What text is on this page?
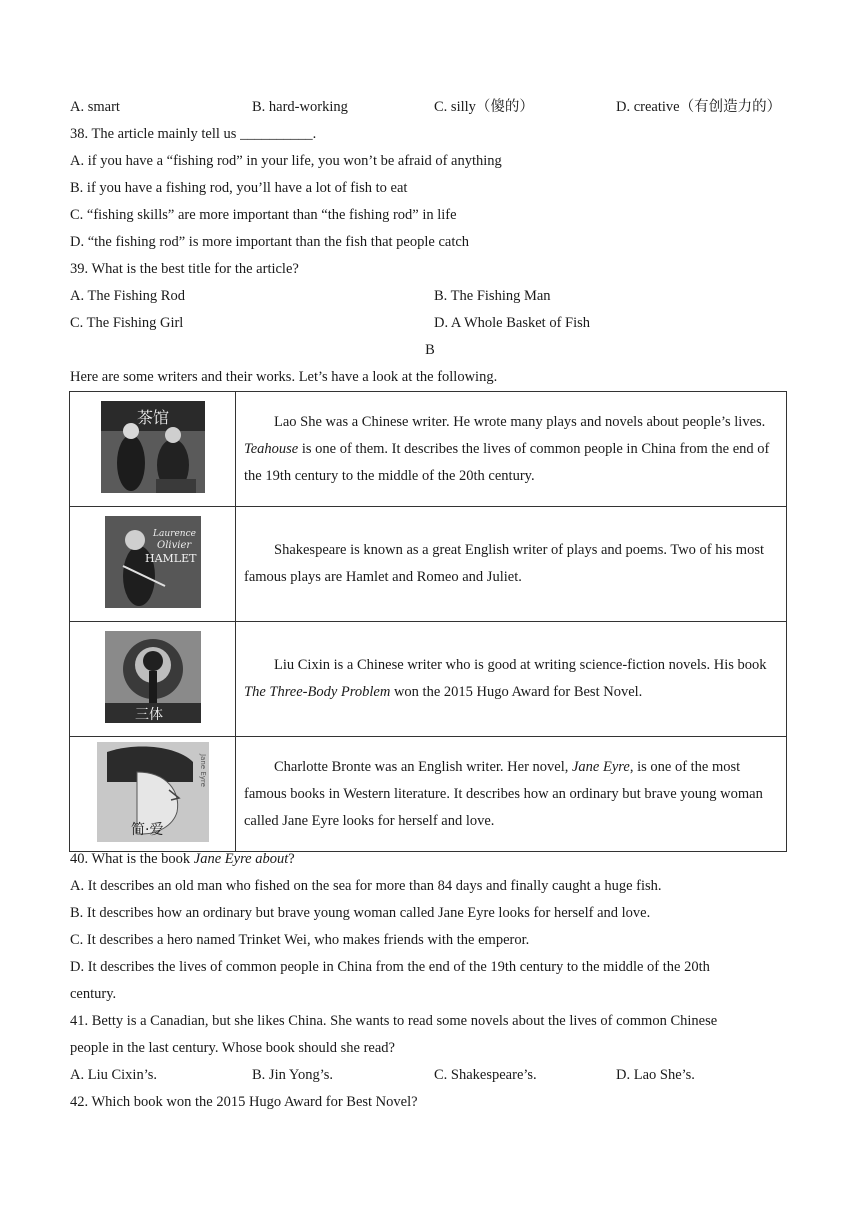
A. smart	B. hard-working	C. silly（傻的）	D. creative（有创造力的）
38. The article mainly tell us __________.
A. if you have a “fishing rod” in your life, you won’t be afraid of anything
B. if you have a fishing rod, you’ll have a lot of fish to eat
C. “fishing skills” are more important than “the fishing rod” in life
D. “the fishing rod” is more important than the fish that people catch
39. What is the best title for the article?
A. The Fishing Rod	B. The Fishing Man
C. The Fishing Girl	D. A Whole Basket of Fish
B
Here are some writers and their works. Let’s have a look at the following.
茶馆	Lao She was a Chinese writer. He wrote many plays and novels about people’s lives. Teahouse is one of them. It describes the lives of common people in China from the end of the 19th century to the middle of the 20th century.

Laurence
Olivier
HAMLET	Shakespeare is known as a great English writer of plays and poems. Two of his most famous plays are Hamlet and Romeo and Juliet.

三体	Liu Cixin is a Chinese writer who is good at writing science-fiction novels. His book The Three-Body Problem won the 2015 Hugo Award for Best Novel.

Jane Eyre
简·爱	Charlotte Bronte was an English writer. Her novel, Jane Eyre, is one of the most famous books in Western literature. It describes how an ordinary but brave young woman called Jane Eyre looks for herself and love.

40. What is the book Jane Eyre about?
A. It describes an old man who fished on the sea for more than 84 days and finally caught a huge fish.
B. It describes how an ordinary but brave young woman called Jane Eyre looks for herself and love.
C. It describes a hero named Trinket Wei, who makes friends with the emperor.
D. It describes the lives of common people in China from the end of the 19th century to the middle of the 20th
century.
41. Betty is a Canadian, but she likes China. She wants to read some novels about the lives of common Chinese
people in the last century. Whose book should she read?
A. Liu Cixin’s.	B. Jin Yong’s.	C. Shakespeare’s.	D. Lao She’s.
42. Which book won the 2015 Hugo Award for Best Novel?
